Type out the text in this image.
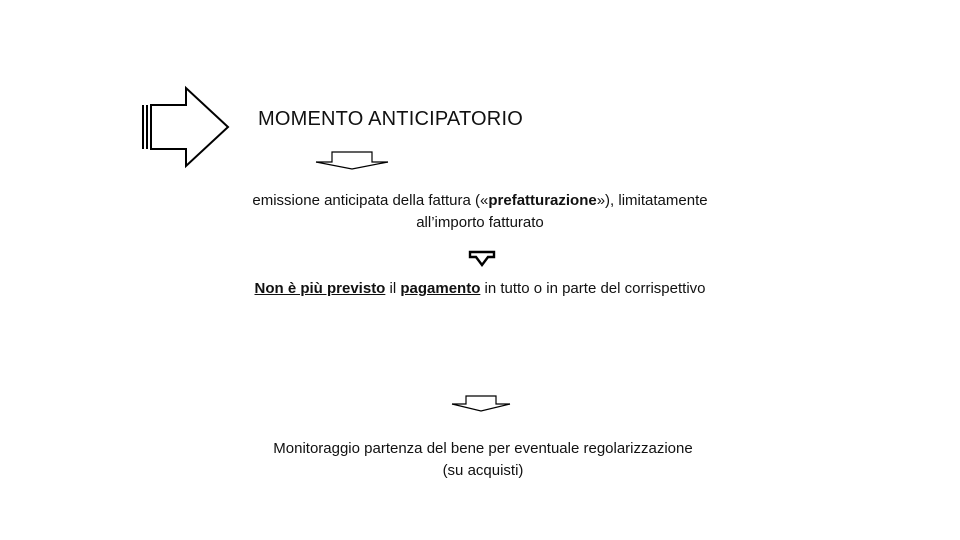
MOMENTO ANTICIPATORIO
emissione anticipata della fattura («prefatturazione»), limitatamente
all’importo fatturato
Non è più previsto il pagamento in tutto o in parte del corrispettivo
Monitoraggio partenza del bene per eventuale regolarizzazione
(su acquisti)
